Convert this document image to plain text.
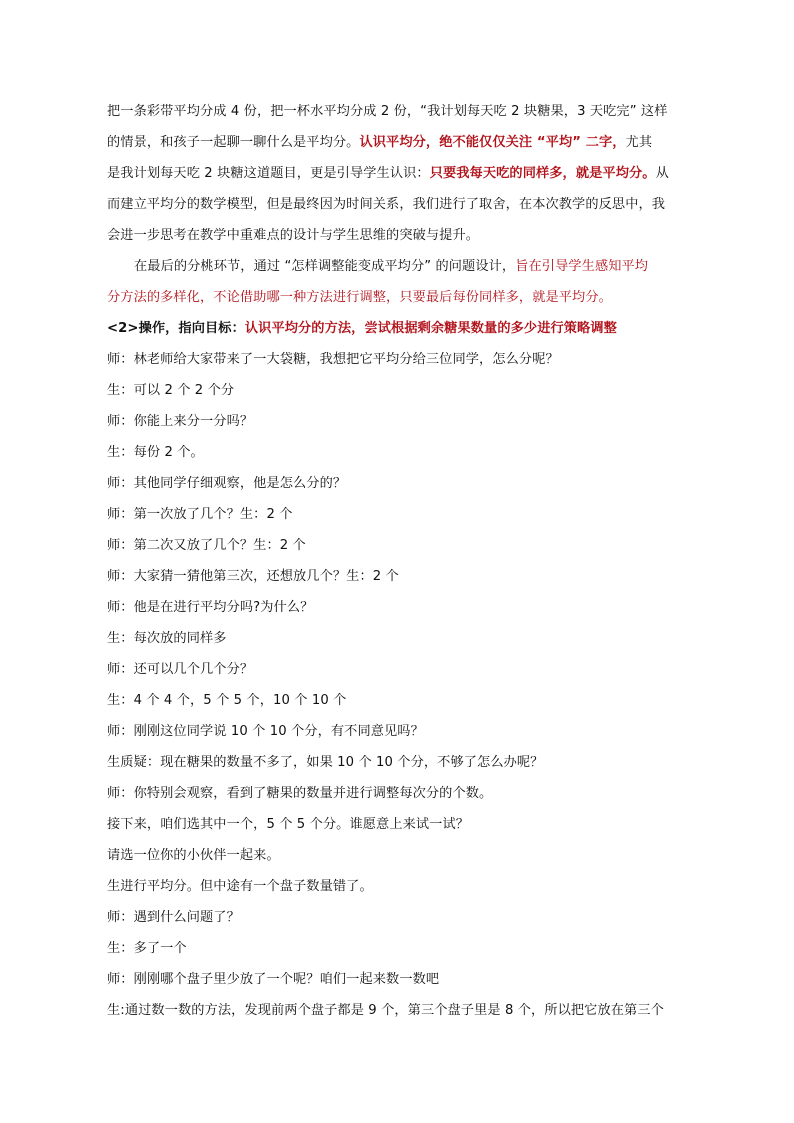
把一条彩带平均分成 4 份，把一杯水平均分成 2 份，“我计划每天吃 2 块糖果，3 天吃完” 这样
的情景，和孩子一起聊一聊什么是平均分。认识平均分，绝不能仅仅关注 “平均” 二字，尤其
是我计划每天吃 2 块糖这道题目，更是引导学生认识：只要我每天吃的同样多，就是平均分。从
而建立平均分的数学模型，但是最终因为时间关系，我们进行了取舍，在本次教学的反思中，我
会进一步思考在教学中重难点的设计与学生思维的突破与提升。
在最后的分桃环节，通过 “怎样调整能变成平均分” 的问题设计，旨在引导学生感知平均
分方法的多样化，不论借助哪一种方法进行调整，只要最后每份同样多，就是平均分。
<2>操作，指向目标：认识平均分的方法，尝试根据剩余糖果数量的多少进行策略调整
师：林老师给大家带来了一大袋糖，我想把它平均分给三位同学，怎么分呢？
生：可以 2 个 2 个分
师：你能上来分一分吗？
生：每份 2 个。
师：其他同学仔细观察，他是怎么分的？
师：第一次放了几个？生：2 个
师：第二次又放了几个？生：2 个
师：大家猜一猜他第三次，还想放几个？生：2 个
师：他是在进行平均分吗?为什么？
生：每次放的同样多
师：还可以几个几个分？
生：4 个 4 个，5 个 5 个，10 个 10 个
师：刚刚这位同学说 10 个 10 个分，有不同意见吗？
生质疑：现在糖果的数量不多了，如果 10 个 10 个分，不够了怎么办呢？
师：你特别会观察，看到了糖果的数量并进行调整每次分的个数。
接下来，咱们选其中一个，5 个 5 个分。谁愿意上来试一试？
请选一位你的小伙伴一起来。
生进行平均分。但中途有一个盘子数量错了。
师：遇到什么问题了？
生：多了一个
师：刚刚哪个盘子里少放了一个呢？咱们一起来数一数吧
生:通过数一数的方法，发现前两个盘子都是 9 个，第三个盘子里是 8 个，所以把它放在第三个
